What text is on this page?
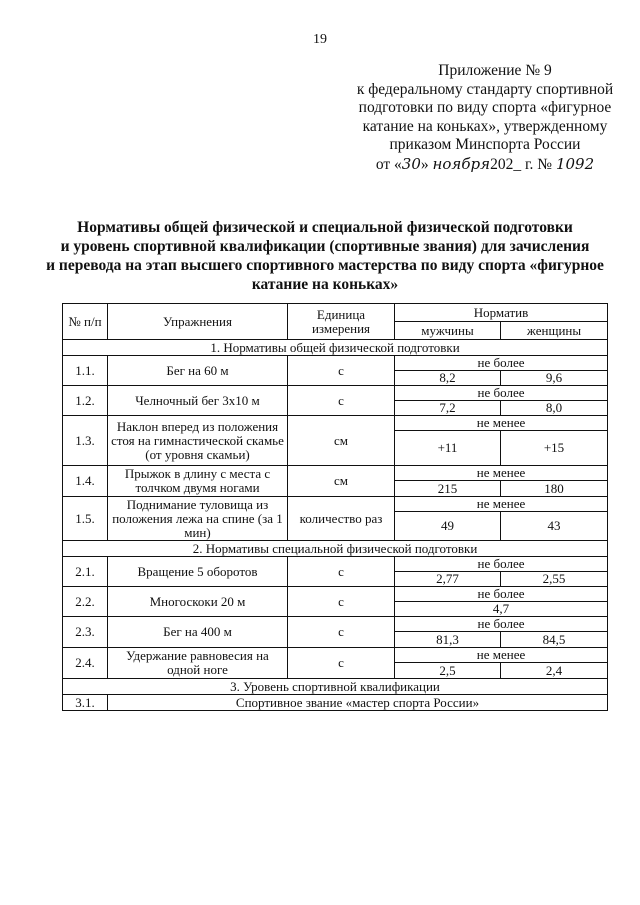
19
Приложение № 9
к федеральному стандарту спортивной
подготовки по виду спорта «фигурное
катание на коньках», утвержденному
приказом Минспорта России
от «30» ноября202_ г. № 1092
Нормативы общей физической и специальной физической подготовки
и уровень спортивной квалификации (спортивные звания) для зачисления
и перевода на этап высшего спортивного мастерства по виду спорта «фигурное
катание на коньках»
№ п/п	Упражнения	Единица измерения	Норматив	
			мужчины	женщины
1. Нормативы общей физической подготовки				
1.1.	Бег на 60 м	с	не более	
			8,2	9,6
1.2.	Челночный бег 3х10 м	с	не более	
			7,2	8,0
1.3.	Наклон вперед из положения стоя на гимнастической скамье (от уровня скамьи)	см	не менее	
			+11	+15
1.4.	Прыжок в длину с места с толчком двумя ногами	см	не менее	
			215	180
1.5.	Поднимание туловища из положения лежа на спине (за 1 мин)	количество раз	не менее	
			49	43
2. Нормативы специальной физической подготовки				
2.1.	Вращение 5 оборотов	с	не более	
			2,77	2,55
2.2.	Многоскоки 20 м	с	не более	
			4,7	
2.3.	Бег на 400 м	с	не более	
			81,3	84,5
2.4.	Удержание равновесия на одной ноге	с	не менее	
			2,5	2,4
3. Уровень спортивной квалификации				
3.1.	Спортивное звание «мастер спорта России»			
